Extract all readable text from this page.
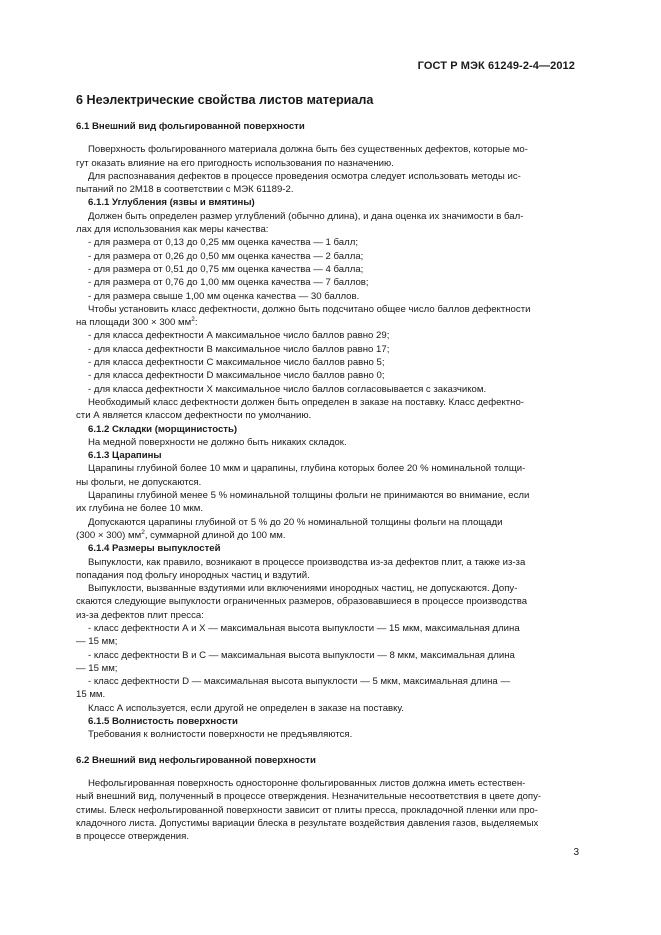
ГОСТ Р МЭК 61249-2-4—2012
6 Неэлектрические свойства листов материала
6.1 Внешний вид фольгированной поверхности
Поверхность фольгированного материала должна быть без существенных дефектов, которые мо-
гут оказать влияние на его пригодность использования по назначению.
Для распознавания дефектов в процессе проведения осмотра следует использовать методы ис-
пытаний по 2M18 в соответствии с МЭК 61189-2.
6.1.1 Углубления (язвы и вмятины)
Должен быть определен размер углублений (обычно длина), и дана оценка их значимости в бал-
лах для использования как меры качества:
- для размера от 0,13 до 0,25 мм оценка качества — 1 балл;
- для размера от 0,26 до 0,50 мм оценка качества — 2 балла;
- для размера от 0,51 до 0,75 мм оценка качества — 4 балла;
- для размера от 0,76 до 1,00 мм оценка качества — 7 баллов;
- для размера свыше 1,00 мм оценка качества — 30 баллов.
Чтобы установить класс дефектности, должно быть подсчитано общее число баллов дефектности
на площади 300 × 300 $мм^2$:
- для класса дефектности А максимальное число баллов равно 29;
- для класса дефектности В максимальное число баллов равно 17;
- для класса дефектности С максимальное число баллов равно 5;
- для класса дефектности D максимальное число баллов равно 0;
- для класса дефектности X максимальное число баллов согласовывается с заказчиком.
Необходимый класс дефектности должен быть определен в заказе на поставку. Класс дефектно-
сти А является классом дефектности по умолчанию.
6.1.2 Складки (морщинистость)
На медной поверхности не должно быть никаких складок.
6.1.3 Царапины
Царапины глубиной более 10 мкм и царапины, глубина которых более 20 % номинальной толщи-
ны фольги, не допускаются.
Царапины глубиной менее 5 % номинальной толщины фольги не принимаются во внимание, если
их глубина не более 10 мкм.
Допускаются царапины глубиной от 5 % до 20 % номинальной толщины фольги на площади
(300 × 300) $мм^2$, суммарной длиной до 100 мм.
6.1.4 Размеры выпуклостей
Выпуклости, как правило, возникают в процессе производства из-за дефектов плит, а также из-за
попадания под фольгу инородных частиц и вздутий.
Выпуклости, вызванные вздутиями или включениями инородных частиц, не допускаются. Допу-
скаются следующие выпуклости ограниченных размеров, образовавшиеся в процессе производства
из-за дефектов плит пресса:
- класс дефектности А и X — максимальная высота выпуклости — 15 мкм, максимальная длина
— 15 мм;
- класс дефектности В и С — максимальная высота выпуклости — 8 мкм, максимальная длина
— 15 мм;
- класс дефектности D — максимальная высота выпуклости — 5 мкм, максимальная длина —
15 мм.
Класс А используется, если другой не определен в заказе на поставку.
6.1.5 Волнистость поверхности
Требования к волнистости поверхности не предъявляются.
6.2 Внешний вид нефольгированной поверхности
Нефольгированная поверхность односторонне фольгированных листов должна иметь естествен-
ный внешний вид, полученный в процессе отверждения. Незначительные несоответствия в цвете допу-
стимы. Блеск нефольгированной поверхности зависит от плиты пресса, прокладочной пленки или про-
кладочного листа. Допустимы вариации блеска в результате воздействия давления газов, выделяемых
в процессе отверждения.
3
